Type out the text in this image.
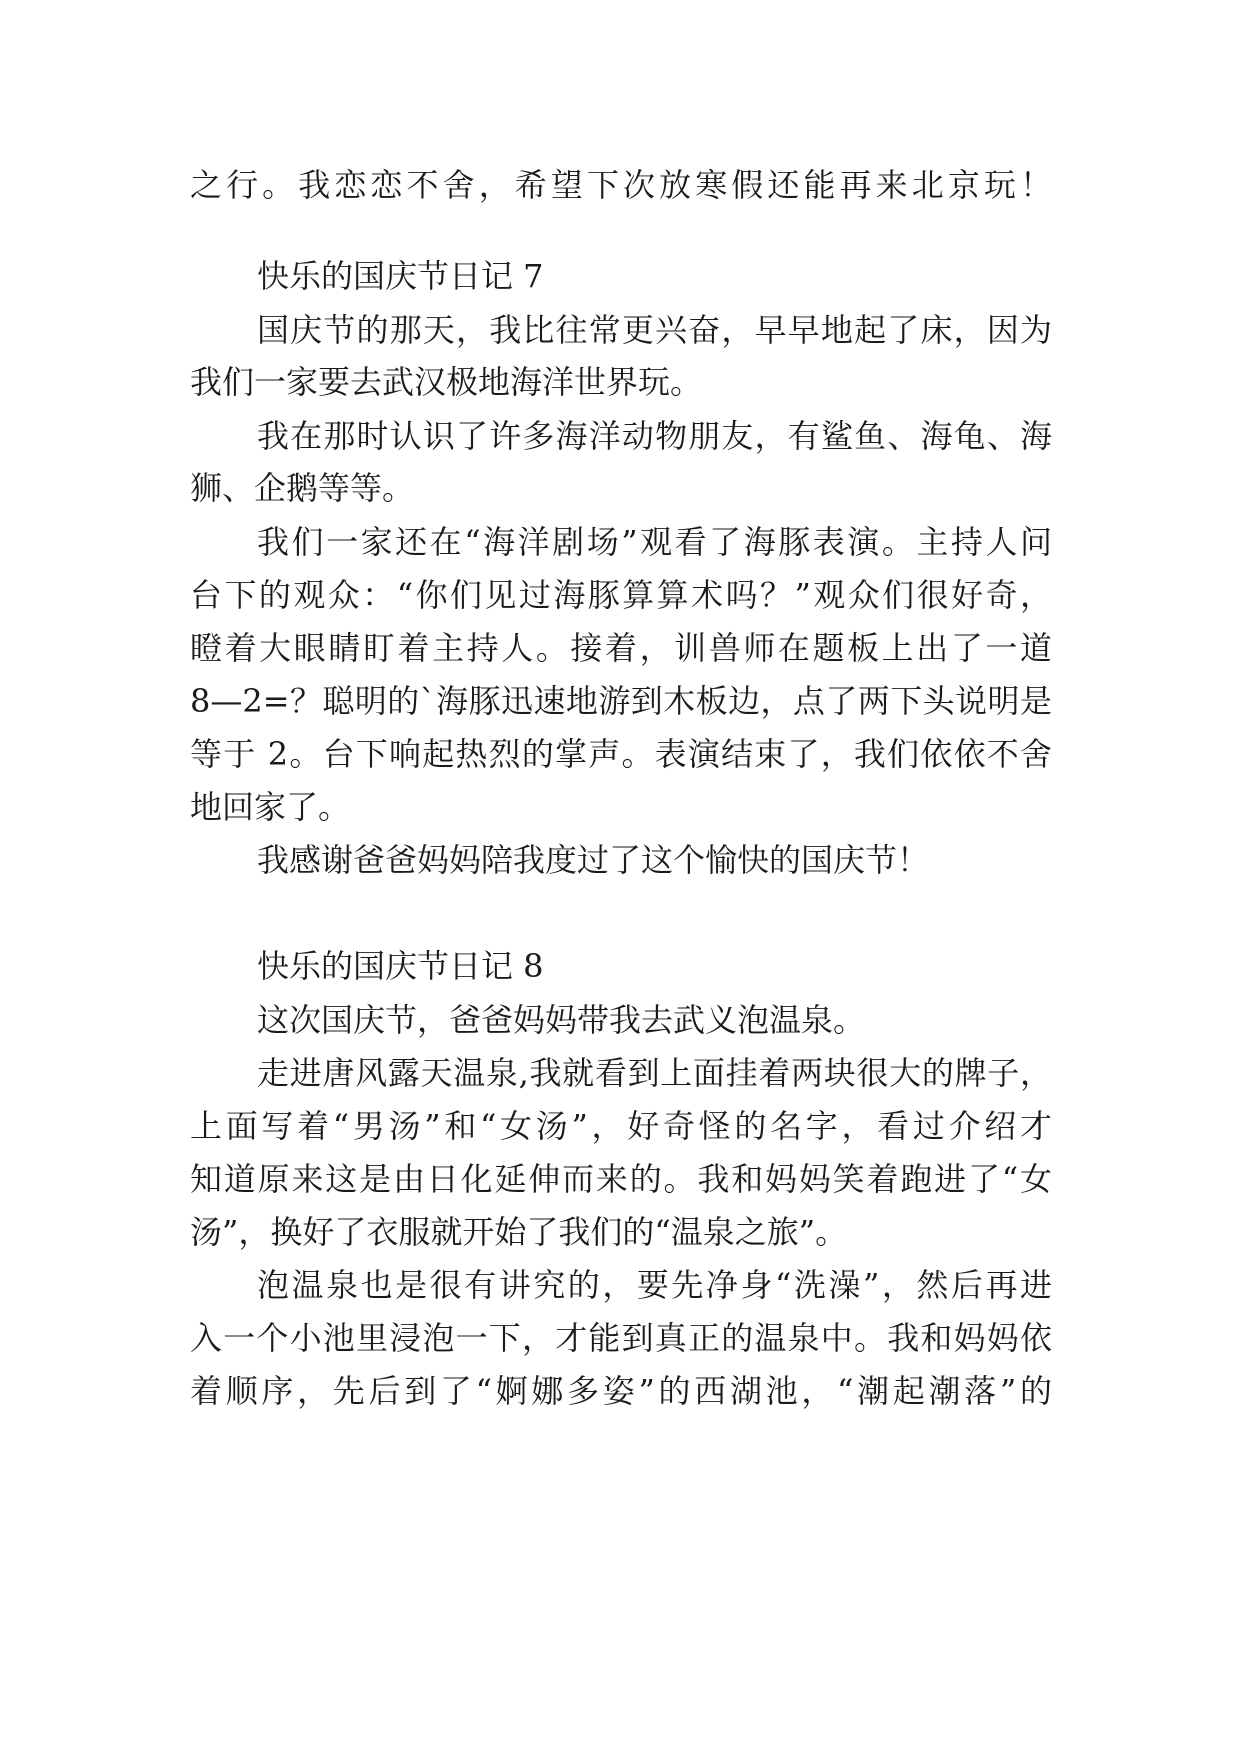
之行。我恋恋不舍，希望下次放寒假还能再来北京玩！
快乐的国庆节日记 7
国庆节的那天，我比往常更兴奋，早早地起了床，因为
我们一家要去武汉极地海洋世界玩。
我在那时认识了许多海洋动物朋友，有鲨鱼、海龟、海
狮、企鹅等等。
我们一家还在“海洋剧场”观看了海豚表演。主持人问
台下的观众：“你们见过海豚算算术吗？”观众们很好奇，
瞪着大眼睛盯着主持人。接着，训兽师在题板上出了一道
8—2=？聪明的`海豚迅速地游到木板边，点了两下头说明是
等于 2。台下响起热烈的掌声。表演结束了，我们依依不舍
地回家了。
我感谢爸爸妈妈陪我度过了这个愉快的国庆节！
快乐的国庆节日记 8
这次国庆节，爸爸妈妈带我去武义泡温泉。
走进唐风露天温泉,我就看到上面挂着两块很大的牌子，
上面写着“男汤”和“女汤”，好奇怪的名字，看过介绍才
知道原来这是由日化延伸而来的。我和妈妈笑着跑进了“女
汤”，换好了衣服就开始了我们的“温泉之旅”。
泡温泉也是很有讲究的，要先净身“洗澡”，然后再进
入一个小池里浸泡一下，才能到真正的温泉中。我和妈妈依
着顺序，先后到了“婀娜多姿”的西湖池，“潮起潮落”的
